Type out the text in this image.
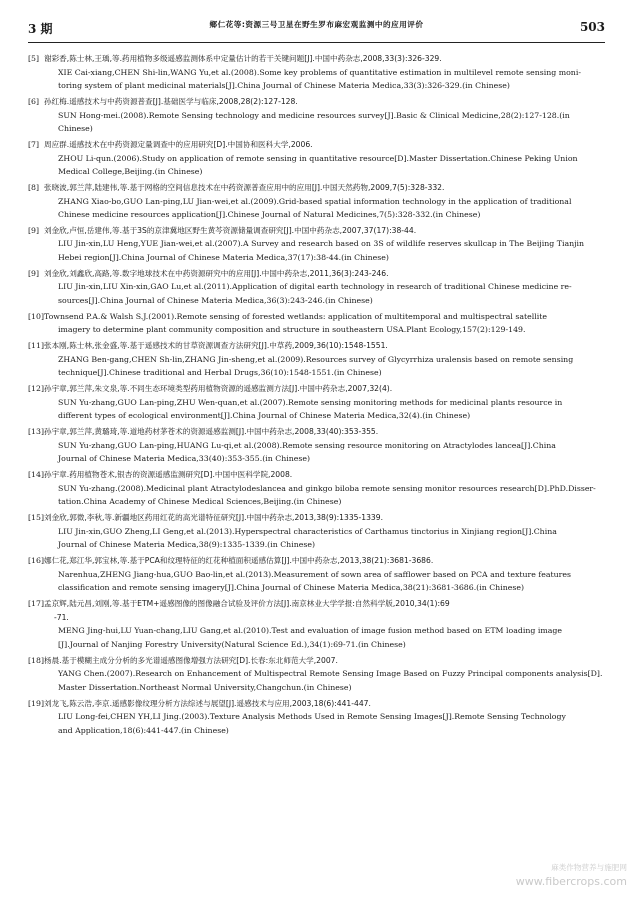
3 期	鄉仁花等:资源三号卫星在野生罗布麻宏观监测中的应用评价	503
[5] 谢彩香,陈士林,王瑀,等.药用植物多级遥感监测体系中定量估计的若干关键问题[J].中国中药杂志,2008,33(3):326-329.
XIE Cai-xiang,CHEN Shi-lin,WANG Yu,et al.(2008).Some key problems of quantitative estimation in multilevel remote sensing moni-
toring system of plant medicinal materials[J].China Journal of Chinese Materia Medica,33(3):326-329.(in Chinese)
[6] 孙红梅.遥感技术与中药资源普查[J].基础医学与临床,2008,28(2):127-128.
SUN Hong-mei.(2008).Remote Sensing technology and medicine resources survey[J].Basic & Clinical Medicine,28(2):127-128.(in
Chinese)
[7] 周应群.遥感技术在中药资源定量调查中的应用研究[D].中国协和医科大学,2006.
ZHOU Li-qun.(2006).Study on application of remote sensing in quantitative resource[D].Master Dissertation.Chinese Peking Union
Medical College,Beijing.(in Chinese)
[8] 张晓波,郭兰萍,陆建伟,等.基于网格的空间信息技术在中药资源普查应用中的应用[J].中国天然药物,2009,7(5):328-332.
ZHANG Xiao-bo,GUO Lan-ping,LU Jian-wei,et al.(2009).Grid-based spatial information technology in the application of traditional
Chinese medicine resources application[J].Chinese Journal of Natural Medicines,7(5):328-332.(in Chinese)
[9] 刘金欣,卢恒,岳建伟,等.基于3S的京津冀地区野生黄芩资源储量调查研究[J].中国中药杂志,2007,37(17):38-44.
LIU Jin-xin,LU Heng,YUE Jian-wei,et al.(2007).A Survey and research based on 3S of wildlife reserves skullcap in The Beijing Tianjin
Hebei region[J].China Journal of Chinese Materia Medica,37(17):38-44.(in Chinese)
[9] 刘金欣,刘鑫欣,高路,等.数字地球技术在中药资源研究中的应用[J].中国中药杂志,2011,36(3):243-246.
LIU Jin-xin,LIU Xin-xin,GAO Lu,et al.(2011).Application of digital earth technology in research of traditional Chinese medicine re-
sources[J].China Journal of Chinese Materia Medica,36(3):243-246.(in Chinese)
[10]Townsend P.A.& Walsh S.J.(2001).Remote sensing of forested wetlands: application of multitemporal and multispectral satellite
imagery to determine plant community composition and structure in southeastern USA.Plant Ecology,157(2):129-149.
[11]张本刚,陈士林,张金盛,等.基于遥感技术的甘草资源调查方法研究[J].中草药,2009,36(10):1548-1551.
ZHANG Ben-gang,CHEN Sh-lin,ZHANG Jin-sheng,et al.(2009).Resources survey of Glycyrrhiza uralensis based on remote sensing
technique[J].Chinese traditional and Herbal Drugs,36(10):1548-1551.(in Chinese)
[12]孙宇章,郭兰萍,朱文泉,等.不同生态环境类型药用植物资源的遥感监测方法[J].中国中药杂志,2007,32(4).
SUN Yu-zhang,GUO Lan-ping,ZHU Wen-quan,et al.(2007).Remote sensing monitoring methods for medicinal plants resource in
different types of ecological environment[J].China Journal of Chinese Materia Medica,32(4).(in Chinese)
[13]孙宇章,郭兰萍,黄璐琦,等.道地药材茅苍术的资源遥感监测[J].中国中药杂志,2008,33(40):353-355.
SUN Yu-zhang,GUO Lan-ping,HUANG Lu-qi,et al.(2008).Remote sensing resource monitoring on Atractylodes lancea[J].China
Journal of Chinese Materia Medica,33(40):353-355.(in Chinese)
[14]孙宇章.药用植物苍术,银杏的资源遥感监测研究[D].中国中医科学院,2008.
SUN Yu-zhang.(2008).Medicinal plant Atractylodeslancea and ginkgo biloba remote sensing monitor resources research[D].PhD.Disser-
tation.China Academy of Chinese Medical Sciences,Beijing.(in Chinese)
[15]刘金欣,郭微,李秋,等.新疆地区药用红花的高光谱特征研究[J].中国中药杂志,2013,38(9):1335-1339.
LIU Jin-xin,GUO Zheng,LI Geng,et al.(2013).Hyperspectral characteristics of Carthamus tinctorius in Xinjiang region[J].China
Journal of Chinese Materia Medica,38(9):1335-1339.(in Chinese)
[16]娜仁花,郑江华,郭宝林,等.基于PCA和纹理特征的红花种植面积遥感估算[J].中国中药杂志,2013,38(21):3681-3686.
Narenhua,ZHENG Jiang-hua,GUO Bao-lin,et al.(2013).Measurement of sown area of safflower based on PCA and texture features
classification and remote sensing imagery[J].China Journal of Chinese Materia Medica,38(21):3681-3686.(in Chinese)
[17]孟京辉,陆元昌,刘刚,等.基于ETM+遥感图像的图像融合试验及评价方法[J].南京林业大学学报:自然科学版,2010,34(1):69
-71.
MENG Jing-hui,LU Yuan-chang,LIU Gang,et al.(2010).Test and evaluation of image fusion method based on ETM loading image
[J].Journal of Nanjing Forestry University(Natural Science Ed.),34(1):69-71.(in Chinese)
[18]杨晨.基于模糊主成分分析的多光谱遥感图像增强方法研究[D].长春:东北师范大学,2007.
YANG Chen.(2007).Research on Enhancement of Multispectral Remote Sensing Image Based on Fuzzy Principal components analysis[D].
Master Dissertation.Northeast Normal University,Changchun.(in Chinese)
[19]刘龙飞,陈云浩,李京.遥感影像纹理分析方法综述与展望[J].遥感技术与应用,2003,18(6):441-447.
LIU Long-fei,CHEN YH,LI Jing.(2003).Texture Analysis Methods Used in Remote Sensing Images[J].Remote Sensing Technology
and Application,18(6):441-447.(in Chinese)
麻类作物营养与施肥网
www.fibercrops.com
